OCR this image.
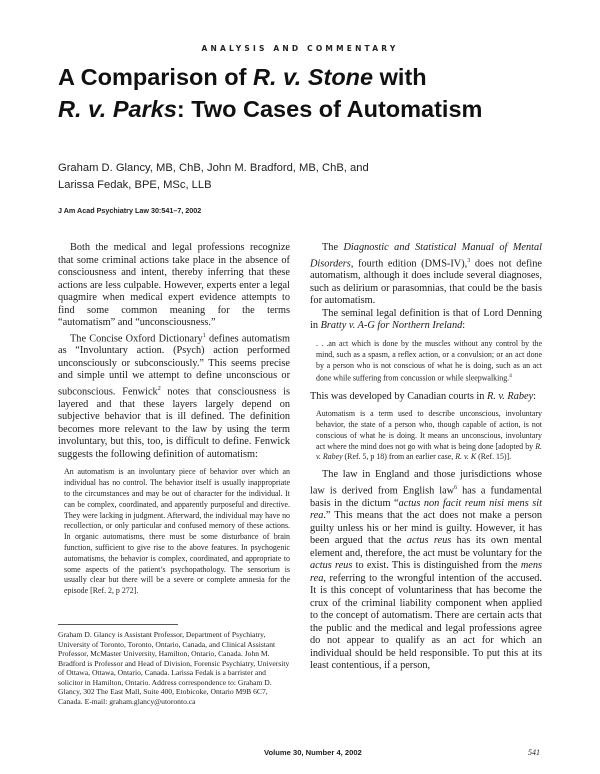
ANALYSIS AND COMMENTARY
A Comparison of R. v. Stone with
R. v. Parks: Two Cases of Automatism
Graham D. Glancy, MB, ChB, John M. Bradford, MB, ChB, and
Larissa Fedak, BPE, MSc, LLB
J Am Acad Psychiatry Law 30:541–7, 2002

Both the medical and legal professions recognize that some criminal actions take place in the absence of consciousness and intent, thereby inferring that these actions are less culpable. However, experts enter a legal quagmire when medical expert evidence attempts to find some common meaning for the terms “automatism” and “unconsciousness.”

The Concise Oxford Dictionary$^1$ defines automatism as “Involuntary action. (Psych) action performed unconsciously or subconsciously.” This seems precise and simple until we attempt to define unconscious or subconscious. Fenwick$^2$ notes that consciousness is layered and that these layers largely depend on subjective behavior that is ill defined. The definition becomes more relevant to the law by using the term involuntary, but this, too, is difficult to define. Fenwick suggests the following definition of automatism:

An automatism is an involuntary piece of behavior over which an individual has no control. The behavior itself is usually inappropriate to the circumstances and may be out of character for the individual. It can be complex, coordinated, and apparently purposeful and directive. They were lacking in judgment. Afterward, the individual may have no recollection, or only particular and confused memory of these actions. In organic automatisms, there must be some disturbance of brain function, sufficient to give rise to the above features. In psychogenic automatisms, the behavior is complex, coordinated, and appropriate to some aspects of the patient’s psychopathology. The sensorium is usually clear but there will be a severe or complete amnesia for the episode [Ref. 2, p 272].

Graham D. Glancy is Assistant Professor, Department of Psychiatry, University of Toronto, Toronto, Ontario, Canada, and Clinical Assistant Professor, McMaster University, Hamilton, Ontario, Canada. John M. Bradford is Professor and Head of Division, Forensic Psychiatry, University of Ottawa, Ottawa, Ontario, Canada. Larissa Fedak is a barrister and solicitor in Hamilton, Ontario. Address correspondence to: Graham D. Glancy, 302 The East Mall, Suite 400, Etobicoke, Ontario M9B 6C7, Canada. E-mail: graham.glancy@utoronto.ca

The Diagnostic and Statistical Manual of Mental Disorders, fourth edition (DMS-IV),$^3$ does not define automatism, although it does include several diagnoses, such as delirium or parasomnias, that could be the basis for automatism.

The seminal legal definition is that of Lord Denning in Bratty v. A-G for Northern Ireland:

. . .an act which is done by the muscles without any control by the mind, such as a spasm, a reflex action, or a convulsion; or an act done by a person who is not conscious of what he is doing, such as an act done while suffering from concussion or while sleepwalking.$^4$

This was developed by Canadian courts in R. v. Rabey:

Automatism is a term used to describe unconscious, involuntary behavior, the state of a person who, though capable of action, is not conscious of what he is doing. It means an unconscious, involuntary act where the mind does not go with what is being done [adopted by R. v. Rabey (Ref. 5, p 18) from an earlier case, R. v. K (Ref. 15)].

The law in England and those jurisdictions whose law is derived from English law$^6$ has a fundamental basis in the dictum “actus non facit reum nisi mens sit rea.” This means that the act does not make a person guilty unless his or her mind is guilty. However, it has been argued that the actus reus has its own mental element and, therefore, the act must be voluntary for the actus reus to exist. This is distinguished from the mens rea, referring to the wrongful intention of the accused. It is this concept of voluntariness that has become the crux of the criminal liability component when applied to the concept of automatism. There are certain acts that the public and the medical and legal professions agree do not appear to qualify as an act for which an individual should be held responsible. To put this at its least contentious, if a person,

Volume 30, Number 4, 2002	541
